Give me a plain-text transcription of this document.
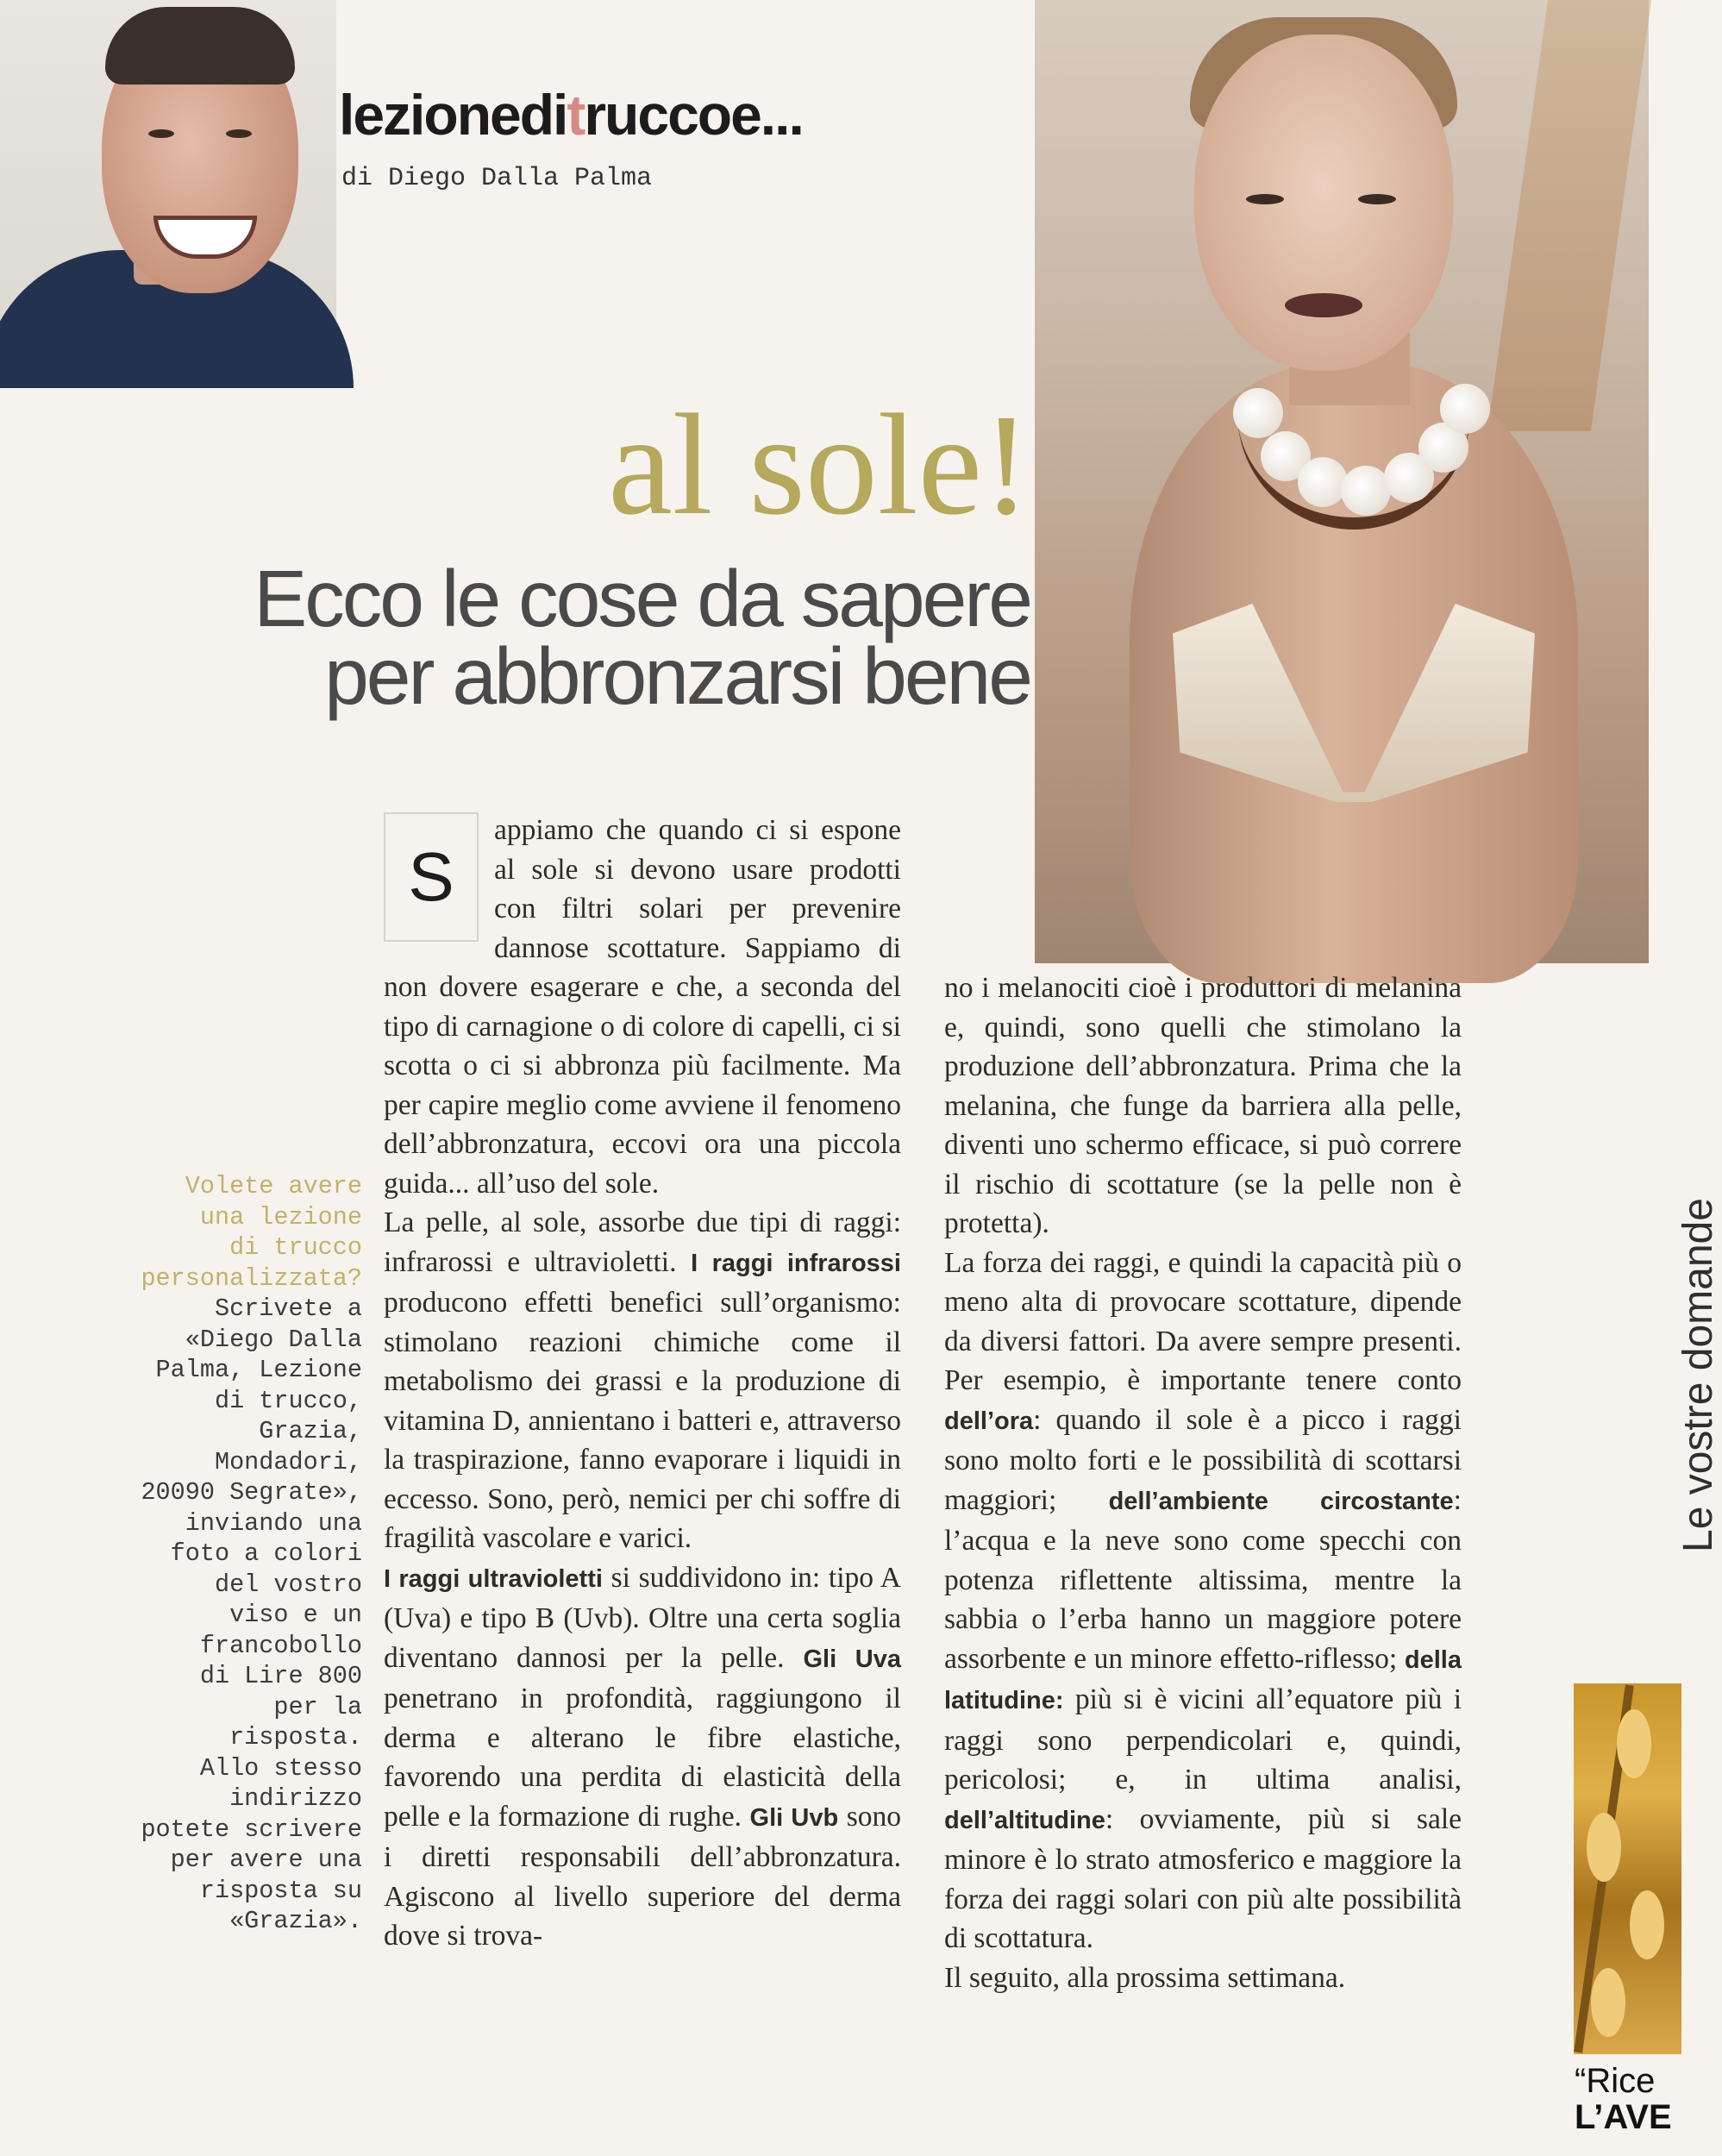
lezioneditruccoe...
di Diego Dalla Palma
al sole!
Ecco le cose da sapere
per abbronzarsi bene
Volete avere
una lezione
di trucco
personalizzata?
Scrivete a
«Diego Dalla
Palma, Lezione
di trucco,
Grazia,
Mondadori,
20090 Segrate»,
inviando una
foto a colori
del vostro
viso e un
francobollo
di Lire 800
per la
risposta.
Allo stesso
indirizzo
potete scrivere
per avere una
risposta su
«Grazia».
S

appiamo che quando ci si espone al sole si devono usare prodotti con filtri solari per prevenire dannose scottature. Sappiamo di non dovere esagerare e che, a seconda del tipo di carnagione o di colore di capelli, ci si scotta o ci si abbronza più facilmente. Ma per capire meglio come avviene il fenomeno dell’abbronzatura, eccovi ora una piccola guida... all’uso del sole.

La pelle, al sole, assorbe due tipi di raggi: infrarossi e ultravioletti. I raggi infrarossi producono effetti benefici sull’organismo: stimolano reazioni chimiche come il metabolismo dei grassi e la produzione di vitamina D, annientano i batteri e, attraverso la traspirazione, fanno evaporare i liquidi in eccesso. Sono, però, nemici per chi soffre di fragilità vascolare e varici.

I raggi ultravioletti si suddividono in: tipo A (Uva) e tipo B (Uvb). Oltre una certa soglia diventano dannosi per la pelle. Gli Uva penetrano in profondità, raggiungono il derma e alterano le fibre elastiche, favorendo una perdita di elasticità della pelle e la formazione di rughe. Gli Uvb sono i diretti responsabili dell’abbronzatura. Agiscono al livello superiore del derma dove si trova-

no i melanociti cioè i produttori di melanina e, quindi, sono quelli che stimolano la produzione dell’abbronzatura. Prima che la melanina, che funge da barriera alla pelle, diventi uno schermo efficace, si può correre il rischio di scottature (se la pelle non è protetta).

La forza dei raggi, e quindi la capacità più o meno alta di provocare scottature, dipende da diversi fattori. Da avere sempre presenti. Per esempio, è importante tenere conto dell’ora: quando il sole è a picco i raggi sono molto forti e le possibilità di scottarsi maggiori; dell’ambiente circostante: l’acqua e la neve sono come specchi con potenza riflettente altissima, mentre la sabbia o l’erba hanno un maggiore potere assorbente e un minore effetto-riflesso; della latitudine: più si è vicini all’equatore più i raggi sono perpendicolari e, quindi, pericolosi; e, in ultima analisi, dell’altitudine: ovviamente, più si sale minore è lo strato atmosferico e maggiore la forza dei raggi solari con più alte possibilità di scottatura.

Il seguito, alla prossima settimana.

Le vostre domande
“Rice
L’AVE
